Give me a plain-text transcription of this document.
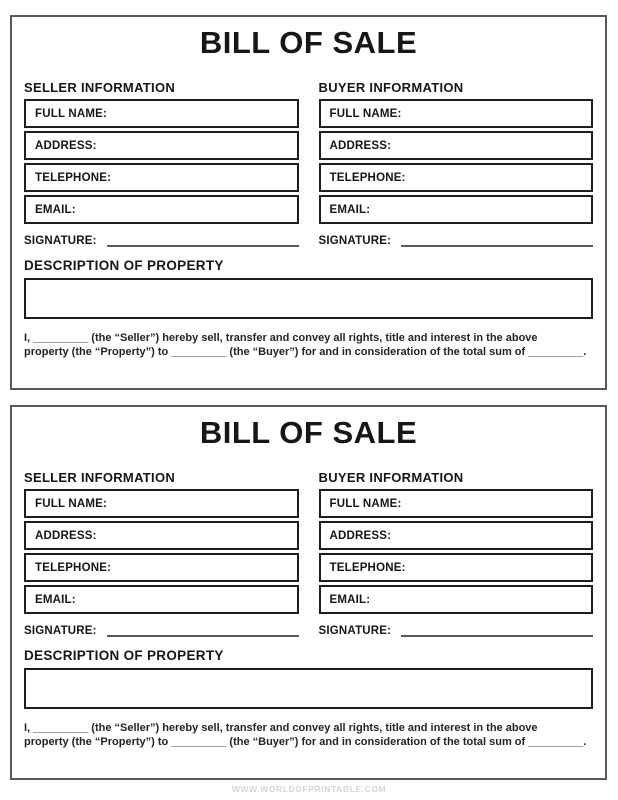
BILL OF SALE
SELLER INFORMATION
FULL NAME:
ADDRESS:
TELEPHONE:
EMAIL:
SIGNATURE:
BUYER INFORMATION
FULL NAME:
ADDRESS:
TELEPHONE:
EMAIL:
SIGNATURE:
DESCRIPTION OF PROPERTY
I, _________ (the “Seller”) hereby sell, transfer and convey all rights, title and interest in the above
property (the “Property”) to _________ (the “Buyer”) for and in consideration of the total sum of _________.
BILL OF SALE
SELLER INFORMATION
FULL NAME:
ADDRESS:
TELEPHONE:
EMAIL:
SIGNATURE:
BUYER INFORMATION
FULL NAME:
ADDRESS:
TELEPHONE:
EMAIL:
SIGNATURE:
DESCRIPTION OF PROPERTY
I, _________ (the “Seller”) hereby sell, transfer and convey all rights, title and interest in the above
property (the “Property”) to _________ (the “Buyer”) for and in consideration of the total sum of _________.
WWW.WORLDOFPRINTABLE.COM
